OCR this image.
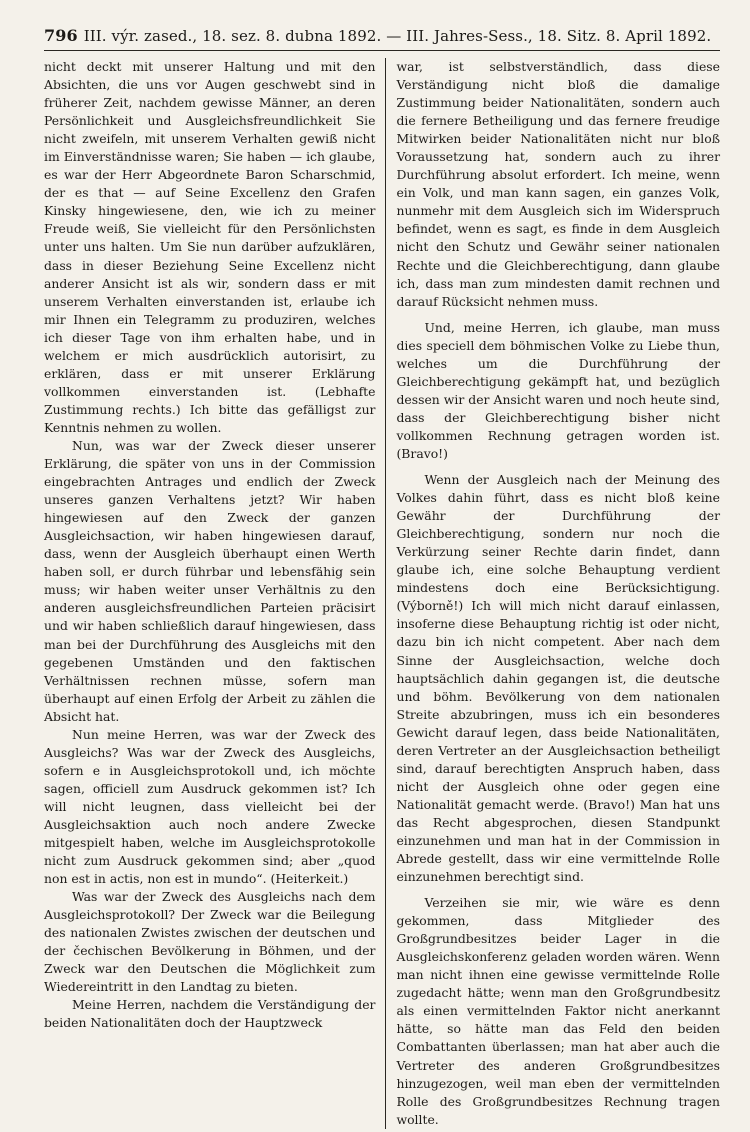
796 III. výr. zased., 18. sez. 8. dubna 1892. — III. Jahres-Sess., 18. Sitz. 8. April 1892.

nicht deckt mit unserer Haltung und mit den Absichten, die uns vor Augen geschwebt sind in früherer Zeit, nachdem gewisse Männer, an deren Persönlichkeit und Ausgleichsfreundlichkeit Sie nicht zweifeln, mit unserem Verhalten gewiß nicht im Einverständnisse waren; Sie haben — ich glaube, es war der Herr Abgeordnete Baron Scharschmid, der es that — auf Seine Excellenz den Grafen Kinsky hingewiesene, den, wie ich zu meiner Freude weiß, Sie vielleicht für den Persönlichsten unter uns halten. Um Sie nun darüber aufzuklären, dass in dieser Beziehung Seine Excellenz nicht anderer Ansicht ist als wir, sondern dass er mit unserem Verhalten einverstanden ist, erlaube ich mir Ihnen ein Telegramm zu produziren, welches ich dieser Tage von ihm erhalten habe, und in welchem er mich ausdrücklich autorisirt, zu erklären, dass er mit unserer Erklärung vollkommen einverstanden ist. (Lebhafte Zustimmung rechts.) Ich bitte das gefälligst zur Kenntnis nehmen zu wollen.

Nun, was war der Zweck dieser unserer Erklärung, die später von uns in der Commission eingebrachten Antrages und endlich der Zweck unseres ganzen Verhaltens jetzt? Wir haben hingewiesen auf den Zweck der ganzen Ausgleichsaction, wir haben hingewiesen darauf, dass, wenn der Ausgleich überhaupt einen Werth haben soll, er durch führbar und lebensfähig sein muss; wir haben weiter unser Verhältnis zu den anderen ausgleichsfreundlichen Parteien präcisirt und wir haben schließlich darauf hingewiesen, dass man bei der Durchführung des Ausgleichs mit den gegebenen Umständen und den faktischen Verhältnissen rechnen müsse, sofern man überhaupt auf einen Erfolg der Arbeit zu zählen die Absicht hat.

Nun meine Herren, was war der Zweck des Ausgleichs? Was war der Zweck des Ausgleichs, sofern e in Ausgleichsprotokoll und, ich möchte sagen, officiell zum Ausdruck gekommen ist? Ich will nicht leugnen, dass vielleicht bei der Ausgleichsaktion auch noch andere Zwecke mitgespielt haben, welche im Ausgleichsprotokolle nicht zum Ausdruck gekommen sind; aber „quod non est in actis, non est in mundo“. (Heiterkeit.)

Was war der Zweck des Ausgleichs nach dem Ausgleichsprotokoll? Der Zweck war die Beilegung des nationalen Zwistes zwischen der deutschen und der čechischen Bevölkerung in Böhmen, und der Zweck war den Deutschen die Möglichkeit zum Wiedereintritt in den Landtag zu bieten.

Meine Herren, nachdem die Verständigung der beiden Nationalitäten doch der Hauptzweck

war, ist selbstverständlich, dass diese Verständigung nicht bloß die damalige Zustimmung beider Nationalitäten, sondern auch die fernere Betheiligung und das fernere freudige Mitwirken beider Nationalitäten nicht nur bloß Voraussetzung hat, sondern auch zu ihrer Durchführung absolut erfordert. Ich meine, wenn ein Volk, und man kann sagen, ein ganzes Volk, nunmehr mit dem Ausgleich sich im Widerspruch befindet, wenn es sagt, es finde in dem Ausgleich nicht den Schutz und Gewähr seiner nationalen Rechte und die Gleichberechtigung, dann glaube ich, dass man zum mindesten damit rechnen und darauf Rücksicht nehmen muss.

Und, meine Herren, ich glaube, man muss dies speciell dem böhmischen Volke zu Liebe thun, welches um die Durchführung der Gleichberechtigung gekämpft hat, und bezüglich dessen wir der Ansicht waren und noch heute sind, dass der Gleichberechtigung bisher nicht vollkommen Rechnung getragen worden ist. (Bravo!)

Wenn der Ausgleich nach der Meinung des Volkes dahin führt, dass es nicht bloß keine Gewähr der Durchführung der Gleichberechtigung, sondern nur noch die Verkürzung seiner Rechte darin findet, dann glaube ich, eine solche Behauptung verdient mindestens doch eine Berücksichtigung. (Výborně!) Ich will mich nicht darauf einlassen, insoferne diese Behauptung richtig ist oder nicht, dazu bin ich nicht competent. Aber nach dem Sinne der Ausgleichsaction, welche doch hauptsächlich dahin gegangen ist, die deutsche und böhm. Bevölkerung von dem nationalen Streite abzubringen, muss ich ein besonderes Gewicht darauf legen, dass beide Nationalitäten, deren Vertreter an der Ausgleichsaction betheiligt sind, darauf berechtigten Anspruch haben, dass nicht der Ausgleich ohne oder gegen eine Nationalität gemacht werde. (Bravo!) Man hat uns das Recht abgesprochen, diesen Standpunkt einzunehmen und man hat in der Commission in Abrede gestellt, dass wir eine vermittelnde Rolle einzunehmen berechtigt sind.

Verzeihen sie mir, wie wäre es denn gekommen, dass Mitglieder des Großgrundbesitzes beider Lager in die Ausgleichskonferenz geladen worden wären. Wenn man nicht ihnen eine gewisse vermittelnde Rolle zugedacht hätte; wenn man den Großgrundbesitz als einen vermittelnden Faktor nicht anerkannt hätte, so hätte man das Feld den beiden Combattanten überlassen; man hat aber auch die Vertreter des anderen Großgrundbesitzes hinzugezogen, weil man eben der vermittelnden Rolle des Großgrundbesitzes Rechnung tragen wollte.
